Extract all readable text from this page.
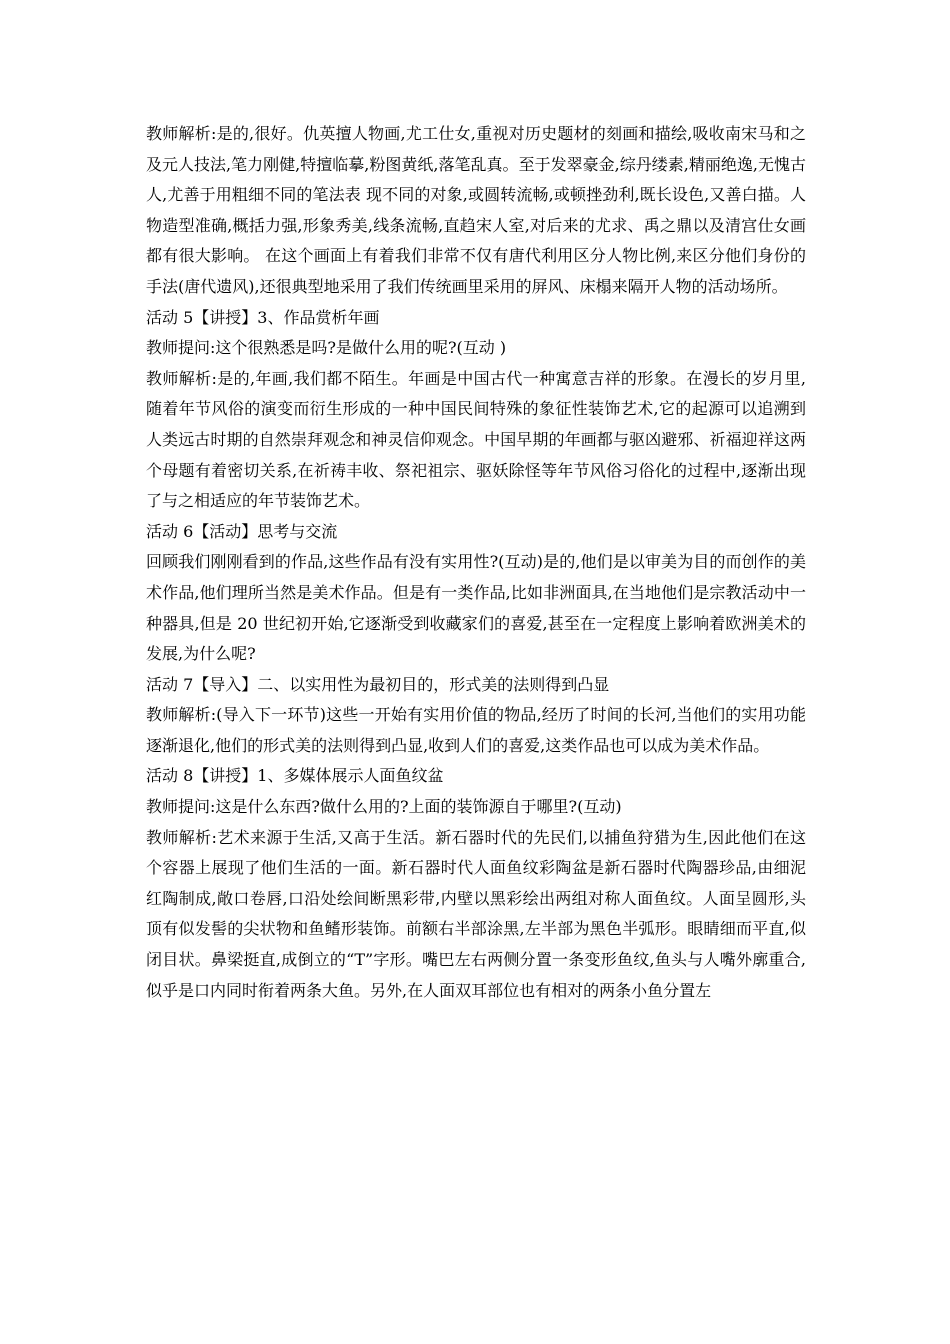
教师解析:是的,很好。仇英擅人物画,尤工仕女,重视对历史题材的刻画和描绘,吸收南宋马和之及元人技法,笔力刚健,特擅临摹,粉图黄纸,落笔乱真。至于发翠豪金,综丹缕素,精丽绝逸,无愧古人,尤善于用粗细不同的笔法表 现不同的对象,或圆转流畅,或顿挫劲利,既长设色,又善白描。人物造型准确,概括力强,形象秀美,线条流畅,直趋宋人室,对后来的尤求、禹之鼎以及清宫仕女画都有很大影响。 在这个画面上有着我们非常不仅有唐代利用区分人物比例,来区分他们身份的手法(唐代遗风),还很典型地采用了我们传统画里采用的屏风、床榻来隔开人物的活动场所。

活动 5【讲授】3、作品赏析年画

教师提问:这个很熟悉是吗?是做什么用的呢?(互动 )

教师解析:是的,年画,我们都不陌生。年画是中国古代一种寓意吉祥的形象。在漫长的岁月里,随着年节风俗的演变而衍生形成的一种中国民间特殊的象征性装饰艺术,它的起源可以追溯到人类远古时期的自然崇拜观念和神灵信仰观念。中国早期的年画都与驱凶避邪、祈福迎祥这两个母题有着密切关系,在祈祷丰收、祭祀祖宗、驱妖除怪等年节风俗习俗化的过程中,逐渐出现了与之相适应的年节装饰艺术。

活动 6【活动】思考与交流

回顾我们刚刚看到的作品,这些作品有没有实用性?(互动)是的,他们是以审美为目的而创作的美术作品,他们理所当然是美术作品。但是有一类作品,比如非洲面具,在当地他们是宗教活动中一种器具,但是 20 世纪初开始,它逐渐受到收藏家们的喜爱,甚至在一定程度上影响着欧洲美术的发展,为什么呢?

活动 7【导入】二、以实用性为最初目的，形式美的法则得到凸显

教师解析:(导入下一环节)这些一开始有实用价值的物品,经历了时间的长河,当他们的实用功能逐渐退化,他们的形式美的法则得到凸显,收到人们的喜爱,这类作品也可以成为美术作品。

活动 8【讲授】1、多媒体展示人面鱼纹盆

教师提问:这是什么东西?做什么用的?上面的装饰源自于哪里?(互动)

教师解析:艺术来源于生活,又高于生活。新石器时代的先民们,以捕鱼狩猎为生,因此他们在这个容器上展现了他们生活的一面。新石器时代人面鱼纹彩陶盆是新石器时代陶器珍品,由细泥红陶制成,敞口卷唇,口沿处绘间断黑彩带,内壁以黑彩绘出两组对称人面鱼纹。人面呈圆形,头顶有似发髻的尖状物和鱼鳍形装饰。前额右半部涂黑,左半部为黑色半弧形。眼睛细而平直,似闭目状。鼻梁挺直,成倒立的“T”字形。嘴巴左右两侧分置一条变形鱼纹,鱼头与人嘴外廓重合,似乎是口内同时衔着两条大鱼。另外,在人面双耳部位也有相对的两条小鱼分置左
